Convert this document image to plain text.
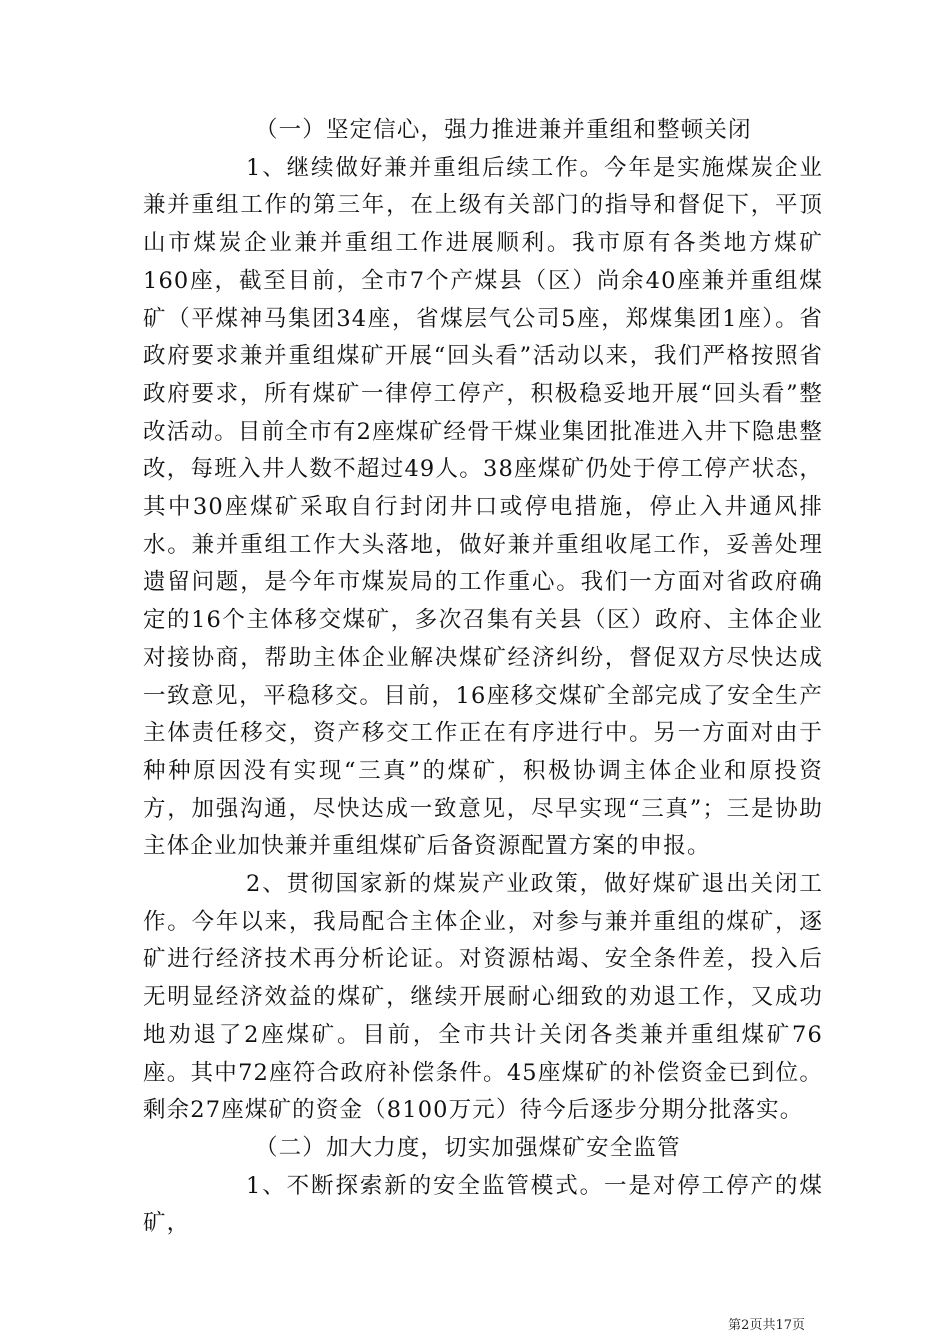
（一）坚定信心，强力推进兼并重组和整顿关闭

1、继续做好兼并重组后续工作。今年是实施煤炭企业兼并重组工作的第三年，在上级有关部门的指导和督促下，平顶山市煤炭企业兼并重组工作进展顺利。我市原有各类地方煤矿160座，截至目前，全市7个产煤县（区）尚余40座兼并重组煤矿（平煤神马集团34座，省煤层气公司5座，郑煤集团1座）。省政府要求兼并重组煤矿开展“回头看”活动以来，我们严格按照省政府要求，所有煤矿一律停工停产，积极稳妥地开展“回头看”整改活动。目前全市有2座煤矿经骨干煤业集团批准进入井下隐患整改，每班入井人数不超过49人。38座煤矿仍处于停工停产状态，其中30座煤矿采取自行封闭井口或停电措施，停止入井通风排水。兼并重组工作大头落地，做好兼并重组收尾工作，妥善处理遗留问题，是今年市煤炭局的工作重心。我们一方面对省政府确定的16个主体移交煤矿，多次召集有关县（区）政府、主体企业对接协商，帮助主体企业解决煤矿经济纠纷，督促双方尽快达成一致意见，平稳移交。目前，16座移交煤矿全部完成了安全生产主体责任移交，资产移交工作正在有序进行中。另一方面对由于种种原因没有实现“三真”的煤矿，积极协调主体企业和原投资方，加强沟通，尽快达成一致意见，尽早实现“三真”；三是协助主体企业加快兼并重组煤矿后备资源配置方案的申报。

2、贯彻国家新的煤炭产业政策，做好煤矿退出关闭工作。今年以来，我局配合主体企业，对参与兼并重组的煤矿，逐矿进行经济技术再分析论证。对资源枯竭、安全条件差，投入后无明显经济效益的煤矿，继续开展耐心细致的劝退工作，又成功地劝退了2座煤矿。目前，全市共计关闭各类兼并重组煤矿76座。其中72座符合政府补偿条件。45座煤矿的补偿资金已到位。剩余27座煤矿的资金（8100万元）待今后逐步分期分批落实。

（二）加大力度，切实加强煤矿安全监管

1、不断探索新的安全监管模式。一是对停工停产的煤矿，

第2页共17页
